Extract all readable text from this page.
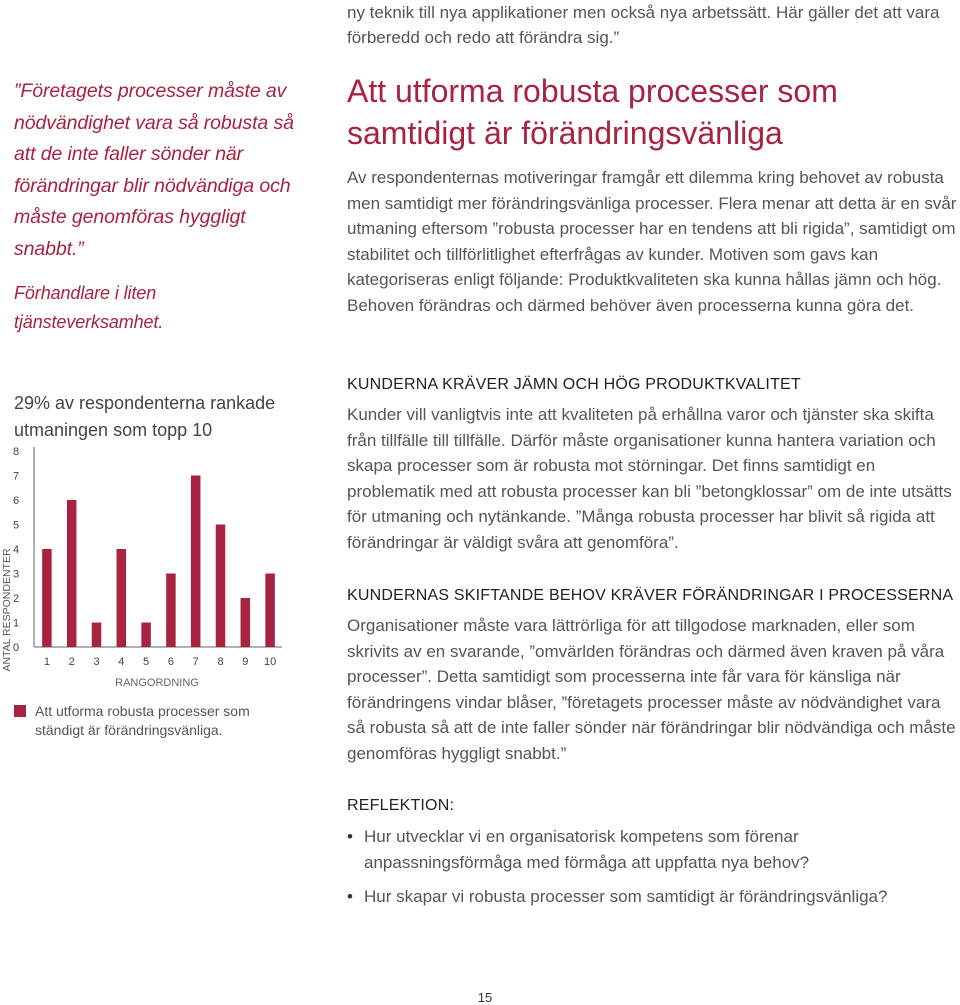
”Företagets processer måste av nödvändighet vara så robusta så att de inte faller sönder när förändringar blir nödvändiga och måste genomföras hyggligt snabbt.”

Förhandlare i liten tjänsteverksamhet.

29% av respondenterna rankade utmaningen som topp 10
ANTAL RESPONDENTER 0
1
2
3
4
5
6
7
8
1 2 3 4 5 6 7 8 9 10
RANGORDNING
Att utforma robusta processer som ständigt är förändringsvänliga.
ny teknik till nya applikationer men också nya arbetssätt. Här gäller det att vara förberedd och redo att förändra sig.”
Att utforma robusta processer som samtidigt är förändringsvänliga

Av respondenternas motiveringar framgår ett dilemma kring behovet av robusta men samtidigt mer förändringsvänliga processer. Flera menar att detta är en svår utmaning eftersom ”robusta processer har en tendens att bli rigida”, samtidigt om stabilitet och tillförlitlighet efterfrågas av kunder. Motiven som gavs kan kategoriseras enligt följande: Produktkvaliteten ska kunna hållas jämn och hög. Behoven förändras och därmed behöver även processerna kunna göra det.

KUNDERNA KRÄVER JÄMN OCH HÖG PRODUKTKVALITET

Kunder vill vanligtvis inte att kvaliteten på erhållna varor och tjänster ska skifta från tillfälle till tillfälle. Därför måste organisationer kunna hantera variation och skapa processer som är robusta mot störningar. Det finns samtidigt en problematik med att robusta processer kan bli ”betongklossar” om de inte utsätts för utmaning och nytänkande. ”Många robusta processer har blivit så rigida att förändringar är väldigt svåra att genomföra”.

KUNDERNAS SKIFTANDE BEHOV KRÄVER FÖRÄNDRINGAR I PROCESSERNA

Organisationer måste vara lättrörliga för att tillgodose marknaden, eller som skrivits av en svarande, ”omvärlden förändras och därmed även kraven på våra processer”. Detta samtidigt som processerna inte får vara för känsliga när förändringens vindar blåser, ”företagets processer måste av nödvändighet vara så robusta så att de inte faller sönder när förändringar blir nödvändiga och måste genomföras hyggligt snabbt.”

REFLEKTION:
• Hur utvecklar vi en organisatorisk kompetens som förenar anpassningsförmåga med förmåga att uppfatta nya behov?
• Hur skapar vi robusta processer som samtidigt är förändringsvänliga?
15
